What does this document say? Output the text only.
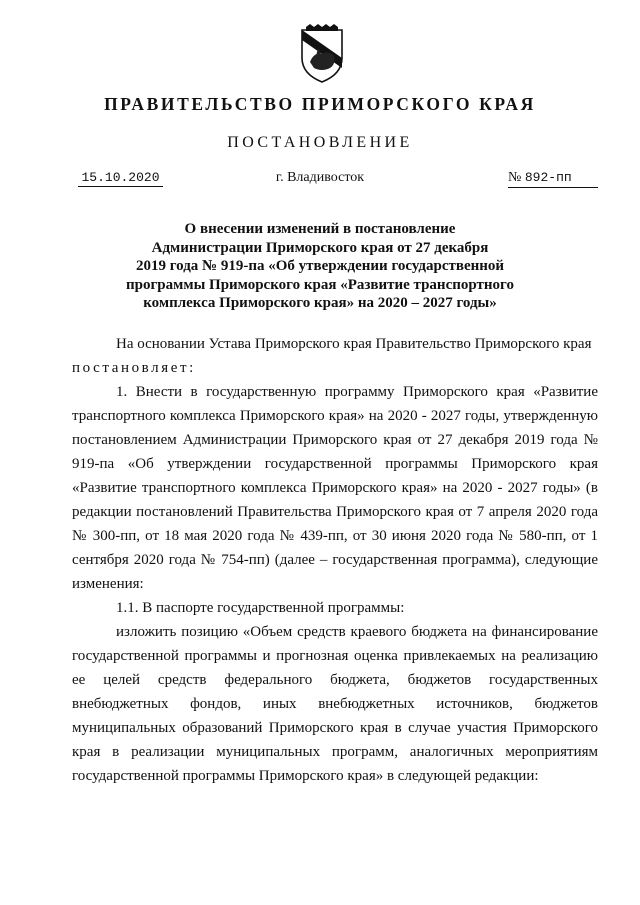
ПРАВИТЕЛЬСТВО ПРИМОРСКОГО КРАЯ
ПОСТАНОВЛЕНИЕ
15.10.2020	г. Владивосток	№ 892-пп
О внесении изменений в постановление
Администрации Приморского края от 27 декабря
2019 года № 919-па «Об утверждении государственной
программы Приморского края «Развитие транспортного
комплекса Приморского края» на 2020 – 2027 годы»

На основании Устава Приморского края Правительство Приморского края
постановляет:

1. Внести в государственную программу Приморского края «Развитие транспортного комплекса Приморского края» на 2020 - 2027 годы, утвержденную постановлением Администрации Приморского края от 27 декабря 2019 года № 919-па «Об утверждении государственной программы Приморского края «Развитие транспортного комплекса Приморского края» на 2020 - 2027 годы» (в редакции постановлений Правительства Приморского края от 7 апреля 2020 года № 300-пп, от 18 мая 2020 года № 439-пп, от 30 июня 2020 года № 580-пп, от 1 сентября 2020 года № 754-пп) (далее – государственная программа), следующие изменения:

1.1. В паспорте государственной программы:

изложить позицию «Объем средств краевого бюджета на финансирование государственной программы и прогнозная оценка привлекаемых на реализацию ее целей средств федерального бюджета, бюджетов государственных внебюджетных фондов, иных внебюджетных источников, бюджетов муниципальных образований Приморского края в случае участия Приморского края в реализации муниципальных программ, аналогичных мероприятиям государственной программы Приморского края» в следующей редакции:
